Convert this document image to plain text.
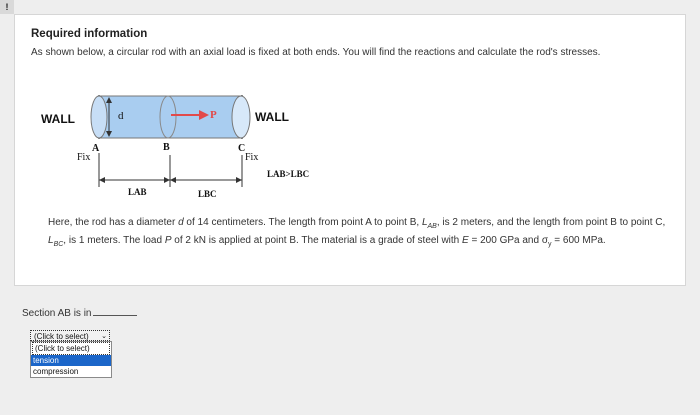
!
Required information
As shown below, a circular rod with an axial load is fixed at both ends. You will find the reactions and calculate the rod's stresses.
WALL	WALL
d	P
A
Fix
B	C
Fix
LAB>LBC
LAB	LBC
Here, the rod has a diameter d of 14 centimeters. The length from point A to point B, $L_{AB}$, is 2 meters, and the length from point B to point C, $L_{BC}$, is 1 meters. The load P of 2 kN is applied at point B. The material is a grade of steel with E = 200 GPa and $\sigma_y = 600$ MPa.
Section AB is in
(Click to select) ⌄
(Click to select)
tension
compression
